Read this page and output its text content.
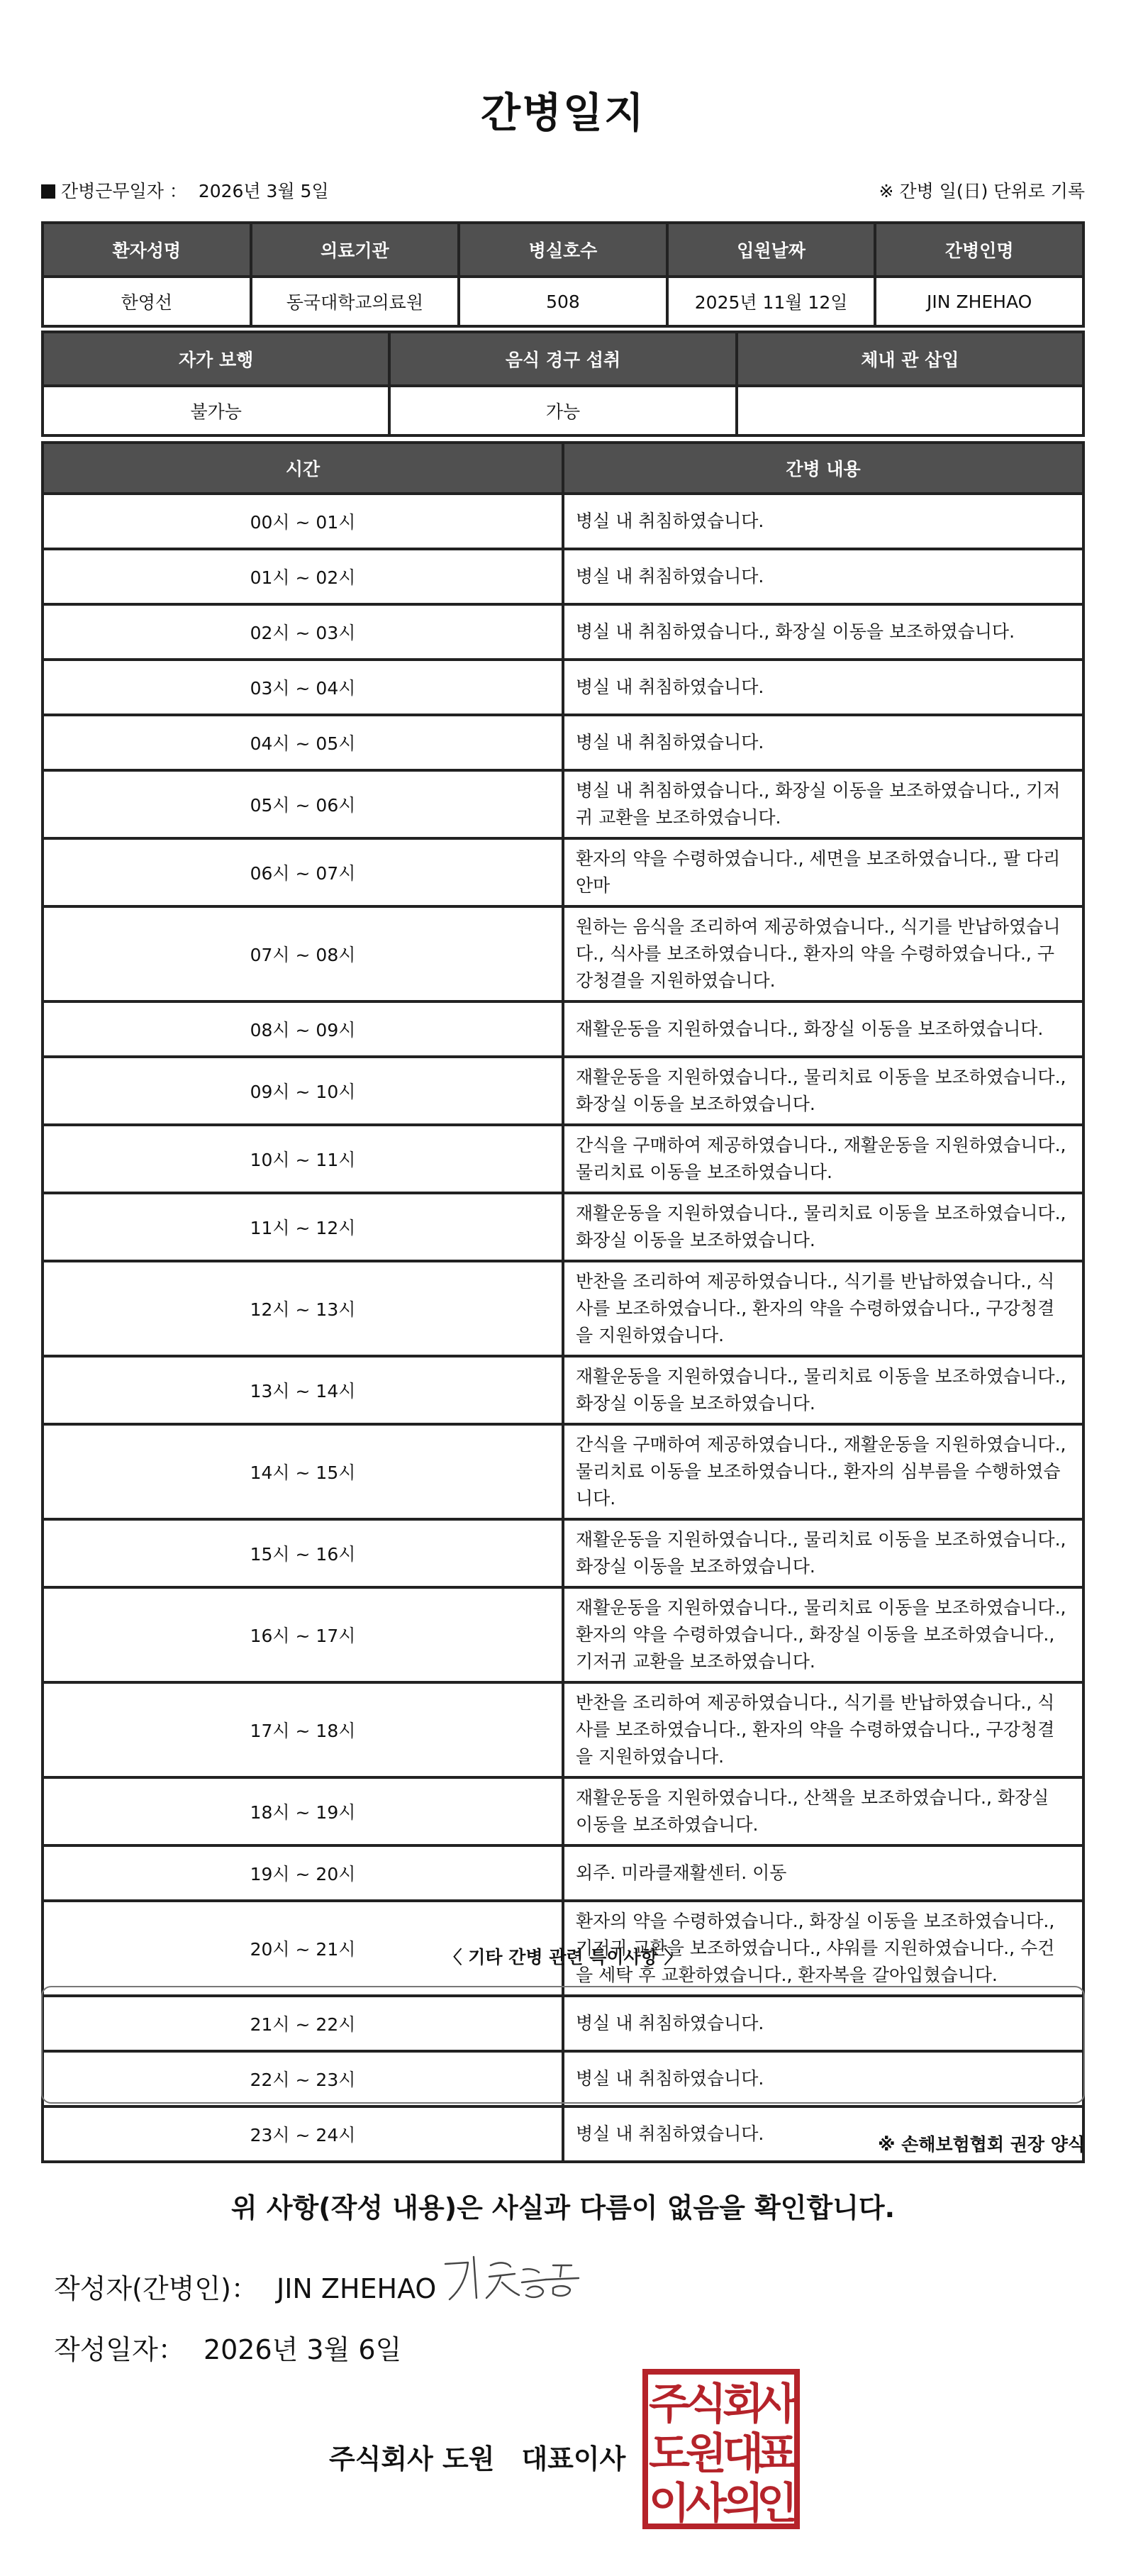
간병일지
간병근무일자 ： 2026년 3월 5일	※ 간병 일(日) 단위로 기록
환자성명	의료기관	병실호수	입원날짜	간병인명
한영선	동국대학교의료원	508	2025년 11월 12일	JIN ZHEHAO
자가 보행	음식 경구 섭취	체내 관 삽입
불가능	가능	
시간	간병 내용
00시 ~ 01시	병실 내 취침하였습니다.
01시 ~ 02시	병실 내 취침하였습니다.
02시 ~ 03시	병실 내 취침하였습니다., 화장실 이동을 보조하였습니다.
03시 ~ 04시	병실 내 취침하였습니다.
04시 ~ 05시	병실 내 취침하였습니다.
05시 ~ 06시	병실 내 취침하였습니다., 화장실 이동을 보조하였습니다., 기저귀 교환을 보조하였습니다.
06시 ~ 07시	환자의 약을 수령하였습니다., 세면을 보조하였습니다., 팔 다리안마
07시 ~ 08시	원하는 음식을 조리하여 제공하였습니다., 식기를 반납하였습니다., 식사를 보조하였습니다., 환자의 약을 수령하였습니다., 구강청결을 지원하였습니다.
08시 ~ 09시	재활운동을 지원하였습니다., 화장실 이동을 보조하였습니다.
09시 ~ 10시	재활운동을 지원하였습니다., 물리치료 이동을 보조하였습니다., 화장실 이동을 보조하였습니다.
10시 ~ 11시	간식을 구매하여 제공하였습니다., 재활운동을 지원하였습니다., 물리치료 이동을 보조하였습니다.
11시 ~ 12시	재활운동을 지원하였습니다., 물리치료 이동을 보조하였습니다., 화장실 이동을 보조하였습니다.
12시 ~ 13시	반찬을 조리하여 제공하였습니다., 식기를 반납하였습니다., 식사를 보조하였습니다., 환자의 약을 수령하였습니다., 구강청결을 지원하였습니다.
13시 ~ 14시	재활운동을 지원하였습니다., 물리치료 이동을 보조하였습니다., 화장실 이동을 보조하였습니다.
14시 ~ 15시	간식을 구매하여 제공하였습니다., 재활운동을 지원하였습니다., 물리치료 이동을 보조하였습니다., 환자의 심부름을 수행하였습니다.
15시 ~ 16시	재활운동을 지원하였습니다., 물리치료 이동을 보조하였습니다., 화장실 이동을 보조하였습니다.
16시 ~ 17시	재활운동을 지원하였습니다., 물리치료 이동을 보조하였습니다., 환자의 약을 수령하였습니다., 화장실 이동을 보조하였습니다., 기저귀 교환을 보조하였습니다.
17시 ~ 18시	반찬을 조리하여 제공하였습니다., 식기를 반납하였습니다., 식사를 보조하였습니다., 환자의 약을 수령하였습니다., 구강청결을 지원하였습니다.
18시 ~ 19시	재활운동을 지원하였습니다., 산책을 보조하였습니다., 화장실 이동을 보조하였습니다.
19시 ~ 20시	외주. 미라클재활센터. 이동
20시 ~ 21시	환자의 약을 수령하였습니다., 화장실 이동을 보조하였습니다., 기저귀 교환을 보조하였습니다., 샤워를 지원하였습니다., 수건을 세탁 후 교환하였습니다., 환자복을 갈아입혔습니다.
21시 ~ 22시	병실 내 취침하였습니다.
22시 ~ 23시	병실 내 취침하였습니다.
23시 ~ 24시	병실 내 취침하였습니다.
〈 기타 간병 관련 특이사항 〉
※ 손해보험협회 권장 양식
위 사항(작성 내용)은 사실과 다름이 없음을 확인합니다.
작성자(간병인)： JIN ZHEHAO
작성일자： 2026년 3월 6일
주식회사 도원　대표이사
주
식
회
사
도
원
대
표
이
사
의
인
